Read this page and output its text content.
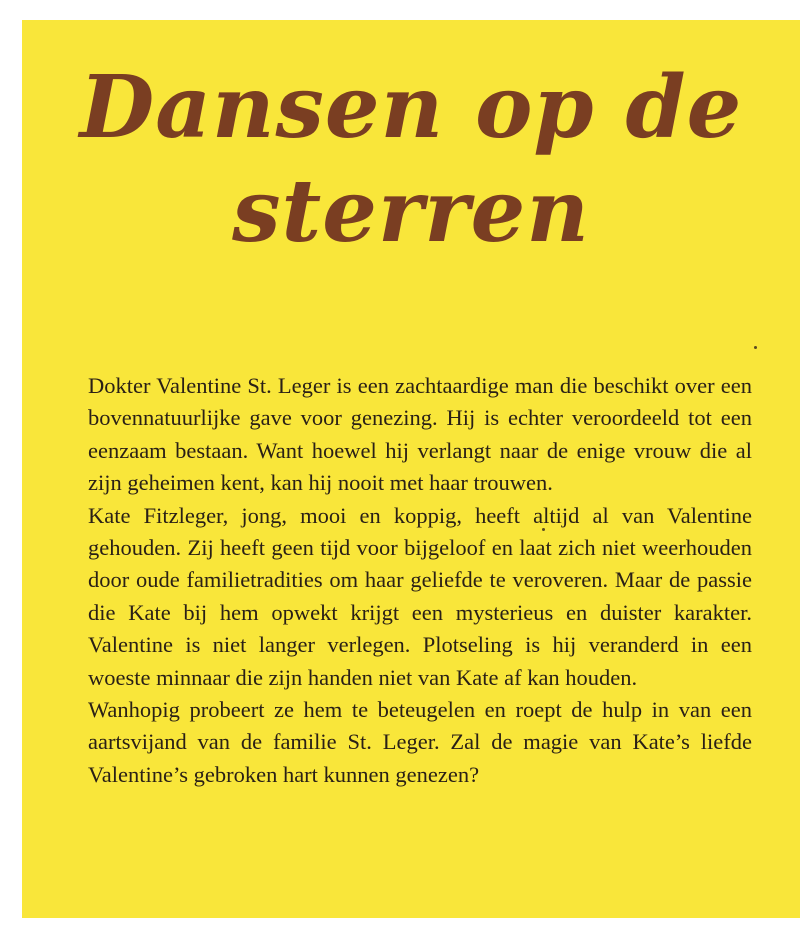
Dansen op de
sterren

Dokter Valentine St. Leger is een zachtaardige man die beschikt over een bovennatuurlijke gave voor genezing. Hij is echter veroordeeld tot een eenzaam bestaan. Want hoewel hij verlangt naar de enige vrouw die al zijn geheimen kent, kan hij nooit met haar trouwen.

Kate Fitzleger, jong, mooi en koppig, heeft altijd al van Valentine gehouden. Zij heeft geen tijd voor bijgeloof en laat zich niet weerhouden door oude familietradities om haar geliefde te veroveren. Maar de passie die Kate bij hem opwekt krijgt een mysterieus en duister karakter. Valentine is niet langer verlegen. Plotseling is hij veranderd in een woeste minnaar die zijn handen niet van Kate af kan houden.

Wanhopig probeert ze hem te beteugelen en roept de hulp in van een aartsvijand van de familie St. Leger. Zal de magie van Kate’s liefde Valentine’s gebroken hart kunnen genezen?
